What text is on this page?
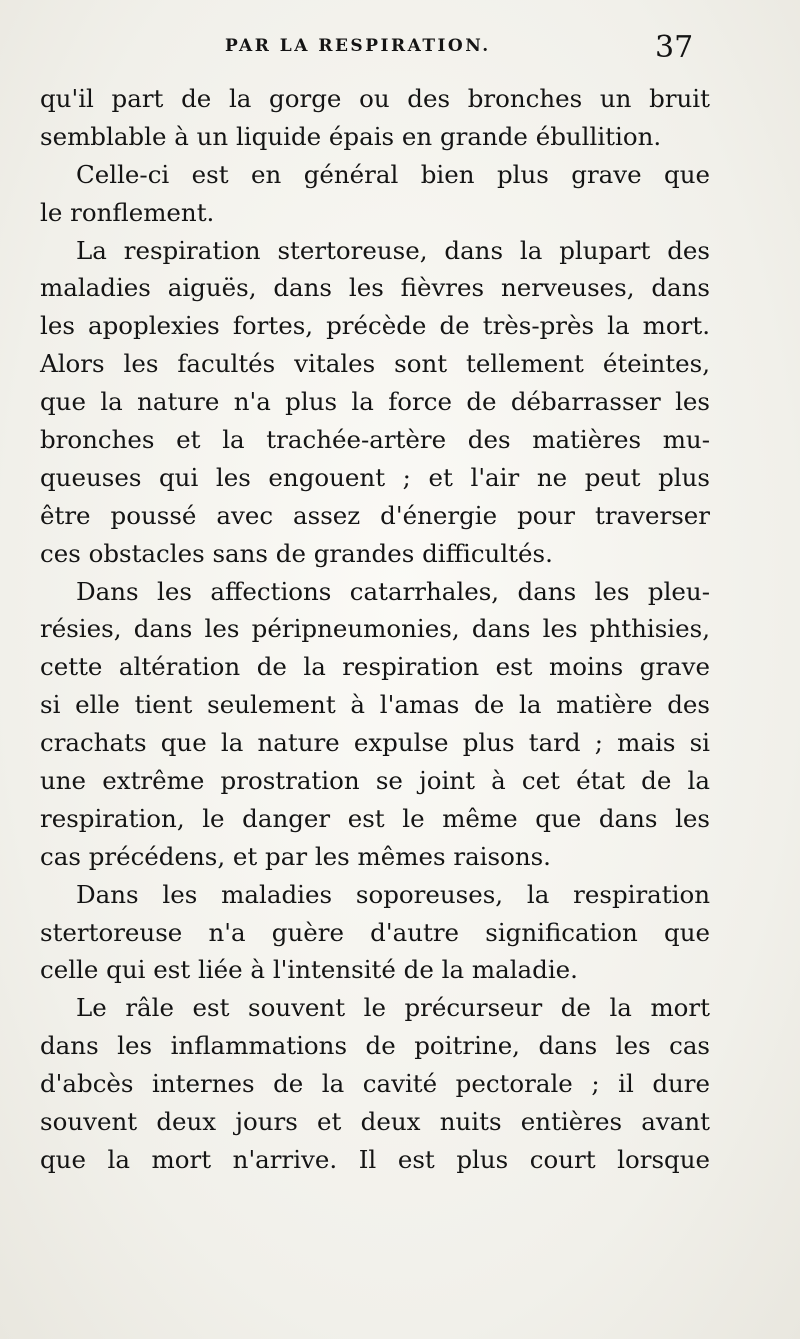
PAR LA RESPIRATION.	37
qu'il part de la gorge ou des bronches un bruit
semblable à un liquide épais en grande ébullition.
Celle-ci est en général bien plus grave que
le ronflement.
La respiration stertoreuse, dans la plupart des
maladies aiguës, dans les fièvres nerveuses, dans
les apoplexies fortes, précède de très-près la mort.
Alors les facultés vitales sont tellement éteintes,
que la nature n'a plus la force de débarrasser les
bronches et la trachée-artère des matières mu-
queuses qui les engouent ; et l'air ne peut plus
être poussé avec assez d'énergie pour traverser
ces obstacles sans de grandes difficultés.
Dans les affections catarrhales, dans les pleu-
résies, dans les péripneumonies, dans les phthisies,
cette altération de la respiration est moins grave
si elle tient seulement à l'amas de la matière des
crachats que la nature expulse plus tard ; mais si
une extrême prostration se joint à cet état de la
respiration, le danger est le même que dans les
cas précédens, et par les mêmes raisons.
Dans les maladies soporeuses, la respiration
stertoreuse n'a guère d'autre signification que
celle qui est liée à l'intensité de la maladie.
Le râle est souvent le précurseur de la mort
dans les inflammations de poitrine, dans les cas
d'abcès internes de la cavité pectorale ; il dure
souvent deux jours et deux nuits entières avant
que la mort n'arrive. Il est plus court lorsque
